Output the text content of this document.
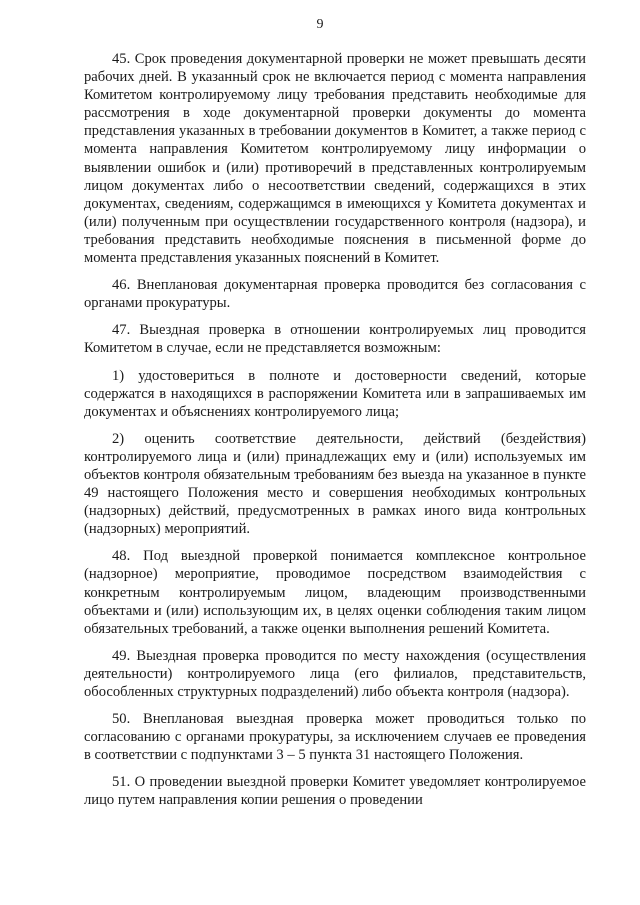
9

45. Срок проведения документарной проверки не может превышать десяти рабочих дней. В указанный срок не включается период с момента направления Комитетом контролируемому лицу требования представить необходимые для рассмотрения в ходе документарной проверки документы до момента представления указанных в требовании документов в Комитет, а также период с момента направления Комитетом контролируемому лицу информации о выявлении ошибок и (или) противоречий в представленных контролируемым лицом документах либо о несоответствии сведений, содержащихся в этих документах, сведениям, содержащимся в имеющихся у Комитета документах и (или) полученным при осуществлении государственного контроля (надзора), и требования представить необходимые пояснения в письменной форме до момента представления указанных пояснений в Комитет.

46. Внеплановая документарная проверка проводится без согласования с органами прокуратуры.

47. Выездная проверка в отношении контролируемых лиц проводится Комитетом в случае, если не представляется возможным:

1) удостовериться в полноте и достоверности сведений, которые содержатся в находящихся в распоряжении Комитета или в запрашиваемых им документах и объяснениях контролируемого лица;

2) оценить соответствие деятельности, действий (бездействия) контролируемого лица и (или) принадлежащих ему и (или) используемых им объектов контроля обязательным требованиям без выезда на указанное в пункте 49 настоящего Положения место и совершения необходимых контрольных (надзорных) действий, предусмотренных в рамках иного вида контрольных (надзорных) мероприятий.

48. Под выездной проверкой понимается комплексное контрольное (надзорное) мероприятие, проводимое посредством взаимодействия с конкретным контролируемым лицом, владеющим производственными объектами и (или) использующим их, в целях оценки соблюдения таким лицом обязательных требований, а также оценки выполнения решений Комитета.

49. Выездная проверка проводится по месту нахождения (осуществления деятельности) контролируемого лица (его филиалов, представительств, обособленных структурных подразделений) либо объекта контроля (надзора).

50. Внеплановая выездная проверка может проводиться только по согласованию с органами прокуратуры, за исключением случаев ее проведения в соответствии с подпунктами 3 – 5 пункта 31 настоящего Положения.

51. О проведении выездной проверки Комитет уведомляет контролируемое лицо путем направления копии решения о проведении
